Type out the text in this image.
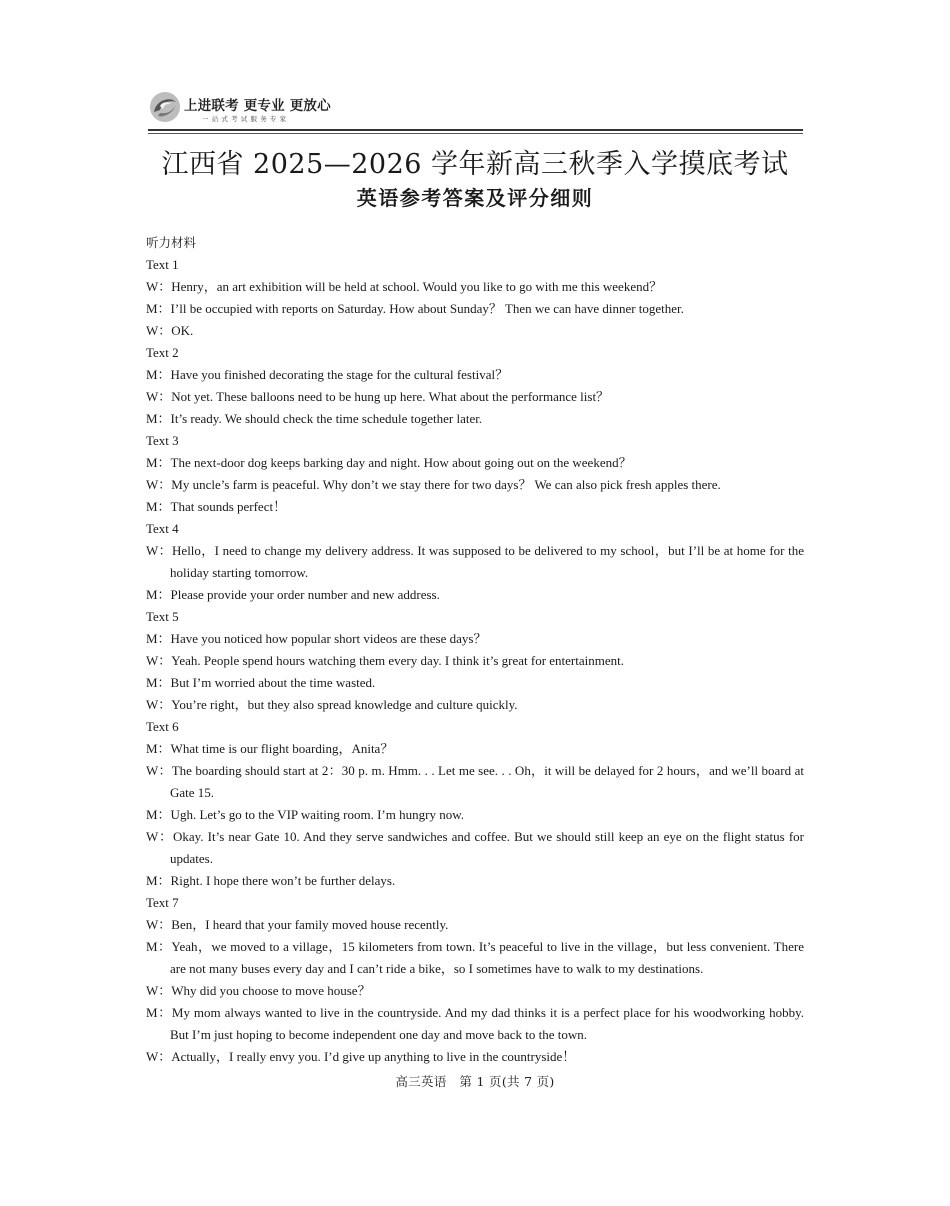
上进联考 更专业 更放心
一站式考试服务专家
江西省 2025—2026 学年新高三秋季入学摸底考试
英语参考答案及评分细则
听力材料
Text 1
W：Henry，an art exhibition will be held at school. Would you like to go with me this weekend？
M：I’ll be occupied with reports on Saturday. How about Sunday？ Then we can have dinner together.
W：OK.
Text 2
M：Have you finished decorating the stage for the cultural festival？
W：Not yet. These balloons need to be hung up here. What about the performance list？
M：It’s ready. We should check the time schedule together later.
Text 3
M：The next-door dog keeps barking day and night. How about going out on the weekend？
W：My uncle’s farm is peaceful. Why don’t we stay there for two days？ We can also pick fresh apples there.
M：That sounds perfect！
Text 4
W：Hello，I need to change my delivery address. It was supposed to be delivered to my school，but I’ll be at home for the holiday starting tomorrow.
M：Please provide your order number and new address.
Text 5
M：Have you noticed how popular short videos are these days？
W：Yeah. People spend hours watching them every day. I think it’s great for entertainment.
M：But I’m worried about the time wasted.
W：You’re right，but they also spread knowledge and culture quickly.
Text 6
M：What time is our flight boarding，Anita？
W：The boarding should start at 2：30 p. m. Hmm. . . Let me see. . . Oh，it will be delayed for 2 hours，and we’ll board at Gate 15.
M：Ugh. Let’s go to the VIP waiting room. I’m hungry now.
W：Okay. It’s near Gate 10. And they serve sandwiches and coffee. But we should still keep an eye on the flight status for updates.
M：Right. I hope there won’t be further delays.
Text 7
W：Ben，I heard that your family moved house recently.
M：Yeah，we moved to a village，15 kilometers from town. It’s peaceful to live in the village，but less convenient. There are not many buses every day and I can’t ride a bike，so I sometimes have to walk to my destinations.
W：Why did you choose to move house？
M：My mom always wanted to live in the countryside. And my dad thinks it is a perfect place for his woodworking hobby. But I’m just hoping to become independent one day and move back to the town.
W：Actually，I really envy you. I’d give up anything to live in the countryside！
高三英语　第 1 页(共 7 页)
